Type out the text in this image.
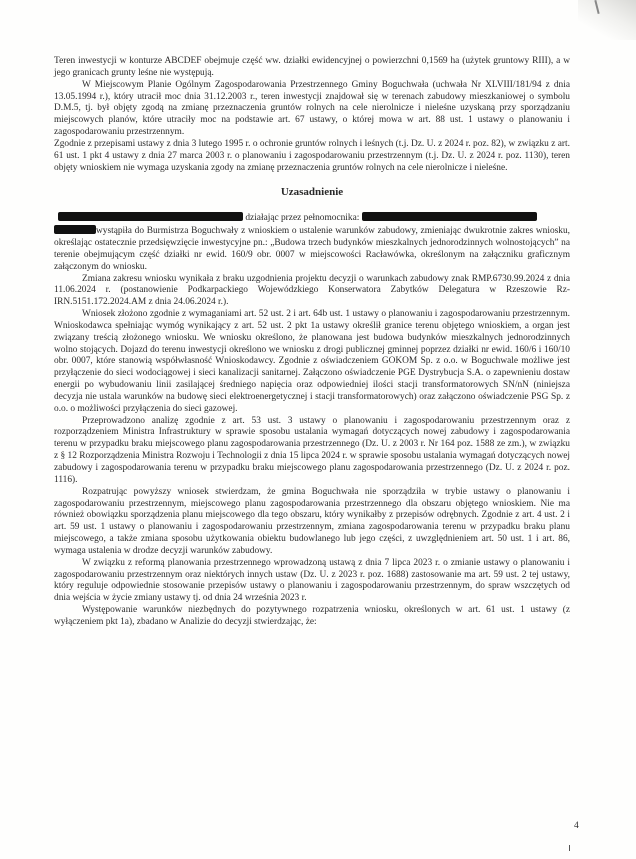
Teren inwestycji w konturze ABCDEF obejmuje część ww. działki ewidencyjnej o powierzchni 0,1569 ha (użytek gruntowy RIII), a w jego granicach grunty leśne nie występują.

W Miejscowym Planie Ogólnym Zagospodarowania Przestrzennego Gminy Boguchwała (uchwała Nr XLVIII/181/94 z dnia 13.05.1994 r.), który utracił moc dnia 31.12.2003 r., teren inwestycji znajdował się w terenach zabudowy mieszkaniowej o symbolu D.M.5, tj. był objęty zgodą na zmianę przeznaczenia gruntów rolnych na cele nierolnicze i nieleśne uzyskaną przy sporządzaniu miejscowych planów, które utraciły moc na podstawie art. 67 ustawy, o której mowa w art. 88 ust. 1 ustawy o planowaniu i zagospodarowaniu przestrzennym.

Zgodnie z przepisami ustawy z dnia 3 lutego 1995 r. o ochronie gruntów rolnych i leśnych (t.j. Dz. U. z 2024 r. poz. 82), w związku z art. 61 ust. 1 pkt 4 ustawy z dnia 27 marca 2003 r. o planowaniu i zagospodarowaniu przestrzennym (t.j. Dz. U. z 2024 r. poz. 1130), teren objęty wnioskiem nie wymaga uzyskania zgody na zmianę przeznaczenia gruntów rolnych na cele nierolnicze i nieleśne.

Uzasadnienie

działając przez pełnomocnika:
wystąpiła do Burmistrza Boguchwały z wnioskiem o ustalenie warunków zabudowy, zmieniając dwukrotnie zakres wniosku, określając ostatecznie przedsięwzięcie inwestycyjne pn.: „Budowa trzech budynków mieszkalnych jednorodzinnych wolnostojących” na terenie obejmującym część działki nr ewid. 160/9 obr. 0007 w miejscowości Racławówka, określonym na załączniku graficznym załączonym do wniosku.

Zmiana zakresu wniosku wynikała z braku uzgodnienia projektu decyzji o warunkach zabudowy znak RMP.6730.99.2024 z dnia 11.06.2024 r. (postanowienie Podkarpackiego Wojewódzkiego Konserwatora Zabytków Delegatura w Rzeszowie Rz-IRN.5151.172.2024.AM z dnia 24.06.2024 r.).

Wniosek złożono zgodnie z wymaganiami art. 52 ust. 2 i art. 64b ust. 1 ustawy o planowaniu i zagospodarowaniu przestrzennym. Wnioskodawca spełniając wymóg wynikający z art. 52 ust. 2 pkt 1a ustawy określił granice terenu objętego wnioskiem, a organ jest związany treścią złożonego wniosku. We wniosku określono, że planowana jest budowa budynków mieszkalnych jednorodzinnych wolno stojących. Dojazd do terenu inwestycji określono we wniosku z drogi publicznej gminnej poprzez działki nr ewid. 160/6 i 160/10 obr. 0007, które stanowią współwłasność Wnioskodawcy. Zgodnie z oświadczeniem GOKOM Sp. z o.o. w Boguchwale możliwe jest przyłączenie do sieci wodociągowej i sieci kanalizacji sanitarnej. Załączono oświadczenie PGE Dystrybucja S.A. o zapewnieniu dostaw energii po wybudowaniu linii zasilającej średniego napięcia oraz odpowiedniej ilości stacji transformatorowych SN/nN (niniejsza decyzja nie ustala warunków na budowę sieci elektroenergetycznej i stacji transformatorowych) oraz załączono oświadczenie PSG Sp. z o.o. o możliwości przyłączenia do sieci gazowej.

Przeprowadzono analizę zgodnie z art. 53 ust. 3 ustawy o planowaniu i zagospodarowaniu przestrzennym oraz z rozporządzeniem Ministra Infrastruktury w sprawie sposobu ustalania wymagań dotyczących nowej zabudowy i zagospodarowania terenu w przypadku braku miejscowego planu zagospodarowania przestrzennego (Dz. U. z 2003 r. Nr 164 poz. 1588 ze zm.), w związku z § 12 Rozporządzenia Ministra Rozwoju i Technologii z dnia 15 lipca 2024 r. w sprawie sposobu ustalania wymagań dotyczących nowej zabudowy i zagospodarowania terenu w przypadku braku miejscowego planu zagospodarowania przestrzennego (Dz. U. z 2024 r. poz. 1116).

Rozpatrując powyższy wniosek stwierdzam, że gmina Boguchwała nie sporządziła w trybie ustawy o planowaniu i zagospodarowaniu przestrzennym, miejscowego planu zagospodarowania przestrzennego dla obszaru objętego wnioskiem. Nie ma również obowiązku sporządzenia planu miejscowego dla tego obszaru, który wynikałby z przepisów odrębnych. Zgodnie z art. 4 ust. 2 i art. 59 ust. 1 ustawy o planowaniu i zagospodarowaniu przestrzennym, zmiana zagospodarowania terenu w przypadku braku planu miejscowego, a także zmiana sposobu użytkowania obiektu budowlanego lub jego części, z uwzględnieniem art. 50 ust. 1 i art. 86, wymaga ustalenia w drodze decyzji warunków zabudowy.

W związku z reformą planowania przestrzennego wprowadzoną ustawą z dnia 7 lipca 2023 r. o zmianie ustawy o planowaniu i zagospodarowaniu przestrzennym oraz niektórych innych ustaw (Dz. U. z 2023 r. poz. 1688) zastosowanie ma art. 59 ust. 2 tej ustawy, który reguluje odpowiednie stosowanie przepisów ustawy o planowaniu i zagospodarowaniu przestrzennym, do spraw wszczętych od dnia wejścia w życie zmiany ustawy tj. od dnia 24 września 2023 r.

Występowanie warunków niezbędnych do pozytywnego rozpatrzenia wniosku, określonych w art. 61 ust. 1 ustawy (z wyłączeniem pkt 1a), zbadano w Analizie do decyzji stwierdzając, że:

4
